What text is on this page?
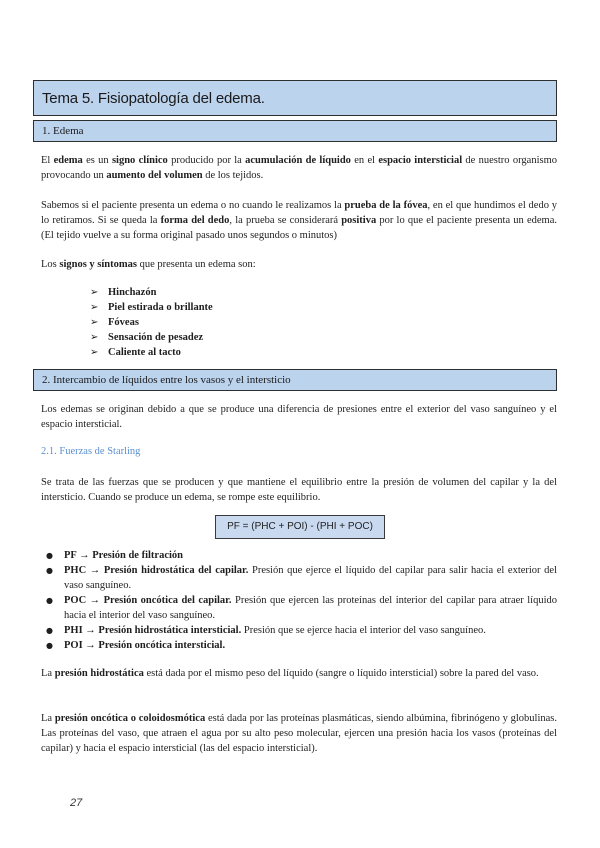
Tema 5. Fisiopatología del edema.
1. Edema
El edema es un signo clínico producido por la acumulación de líquido en el espacio intersticial de nuestro organismo provocando un aumento del volumen de los tejidos.
Sabemos si el paciente presenta un edema o no cuando le realizamos la prueba de la fóvea, en el que hundimos el dedo y lo retiramos. Si se queda la forma del dedo, la prueba se considerará positiva por lo que el paciente presenta un edema. (El tejido vuelve a su forma original pasado unos segundos o minutos)
Los signos y síntomas que presenta un edema son:
➢ Hinchazón
➢ Piel estirada o brillante
➢ Fóveas
➢ Sensación de pesadez
➢ Caliente al tacto
2. Intercambio de líquidos entre los vasos y el intersticio
Los edemas se originan debido a que se produce una diferencia de presiones entre el exterior del vaso sanguíneo y el espacio intersticial.
2.1. Fuerzas de Starling
Se trata de las fuerzas que se producen y que mantiene el equilibrio entre la presión de volumen del capilar y la del intersticio. Cuando se produce un edema, se rompe este equilibrio.
PF = (PHC + POI) - (PHI + POC)
● PF → Presión de filtración
● PHC → Presión hidrostática del capilar. Presión que ejerce el líquido del capilar para salir hacia el exterior del vaso sanguíneo.
● POC → Presión oncótica del capilar. Presión que ejercen las proteínas del interior del capilar para atraer líquido hacia el interior del vaso sanguíneo.
● PHI → Presión hidrostática intersticial. Presión que se ejerce hacia el interior del vaso sanguíneo.
● POI → Presión oncótica intersticial.
La presión hidrostática está dada por el mismo peso del líquido (sangre o líquido intersticial) sobre la pared del vaso.
La presión oncótica o coloidosmótica está dada por las proteínas plasmáticas, siendo albúmina, fibrinógeno y globulinas. Las proteínas del vaso, que atraen el agua por su alto peso molecular, ejercen una presión hacia los vasos (proteínas del capilar) y hacia el espacio intersticial (las del espacio intersticial).
27
